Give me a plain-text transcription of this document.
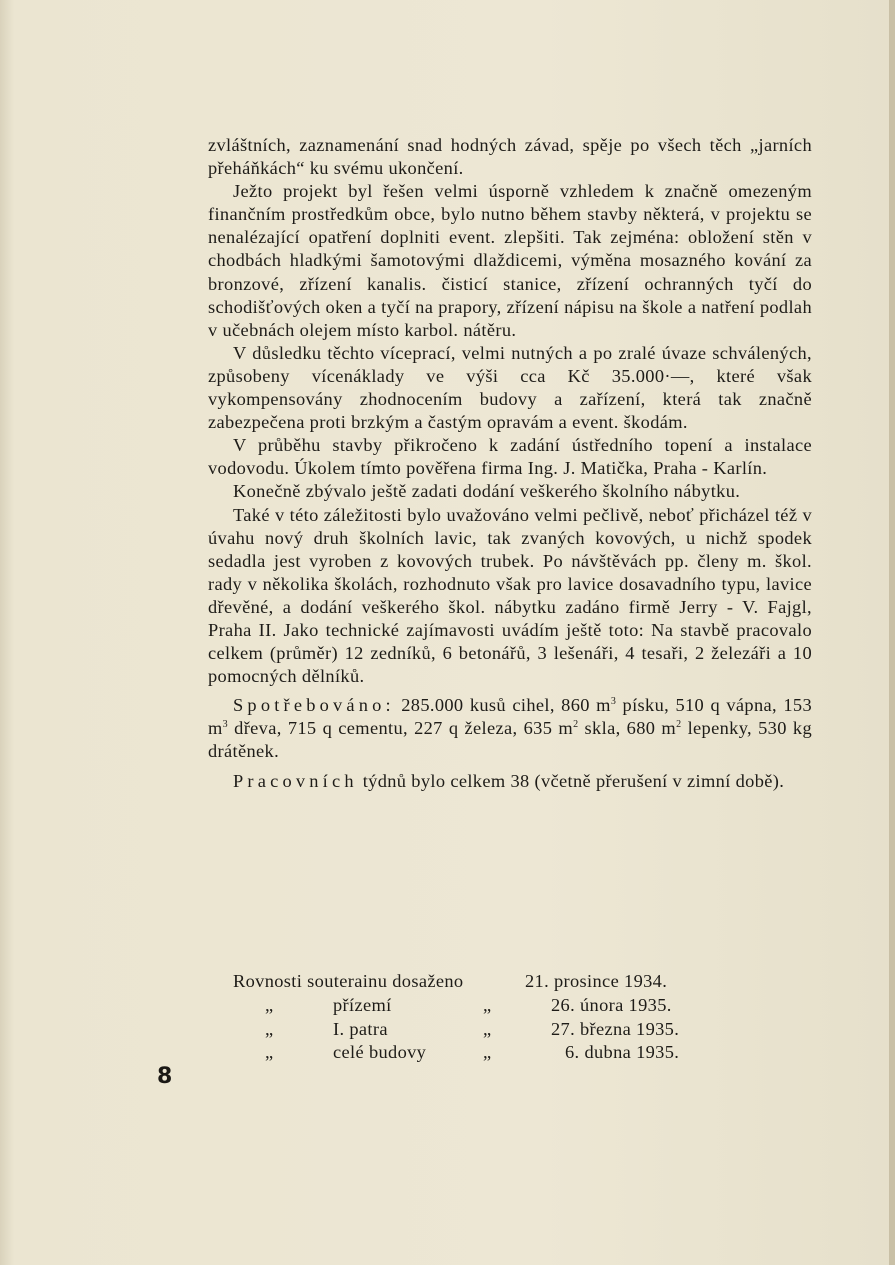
zvláštních, zaznamenání snad hodných závad, spěje po všech těch „jarních přeháňkách“ ku svému ukončení.

Ježto projekt byl řešen velmi úsporně vzhledem k značně omezeným finančním prostředkům obce, bylo nutno během stavby některá, v projektu se nenalézající opatření doplniti event. zlepšiti. Tak zejména: obložení stěn v chodbách hladkými šamotovými dlaždicemi, výměna mosazného kování za bronzové, zřízení kanalis. čisticí stanice, zřízení ochranných tyčí do schodišťových oken a tyčí na prapory, zřízení nápisu na škole a natření podlah v učebnách olejem místo karbol. nátěru.

V důsledku těchto víceprací, velmi nutných a po zralé úvaze schválených, způsobeny vícenáklady ve výši cca Kč 35.000·—, které však vykompensovány zhodnocením budovy a zařízení, která tak značně zabezpečena proti brzkým a častým opravám a event. škodám.

V průběhu stavby přikročeno k zadání ústředního topení a instalace vodovodu. Úkolem tímto pověřena firma Ing. J. Matička, Praha - Karlín.

Konečně zbývalo ještě zadati dodání veškerého školního nábytku.

Také v této záležitosti bylo uvažováno velmi pečlivě, neboť přicházel též v úvahu nový druh školních lavic, tak zvaných kovových, u nichž spodek sedadla jest vyroben z kovových trubek. Po návštěvách pp. členy m. škol. rady v několika školách, rozhodnuto však pro lavice dosavadního typu, lavice dřevěné, a dodání veškerého škol. nábytku zadáno firmě Jerry - V. Fajgl, Praha II. Jako technické zajímavosti uvádím ještě toto: Na stavbě pracovalo celkem (průměr) 12 zedníků, 6 betonářů, 3 lešenáři, 4 tesaři, 2 železáři a 10 pomocných dělníků.

Spotřebováno: 285.000 kusů cihel, 860 $m^3$ písku, 510 q vápna, 153 $m^3$ dřeva, 715 q cementu, 227 q železa, 635 $m^2$ skla, 680 $m^2$ lepenky, 530 kg drátěnek.

Pracovních týdnů bylo celkem 38 (včetně přerušení v zimní době).

Rovnosti souterainu dosaženo	21. prosince 1934.
„	přízemí	„	26. února 1935.
„	I. patra	„	27. března 1935.
„	celé budovy	„	6. dubna 1935.
8
